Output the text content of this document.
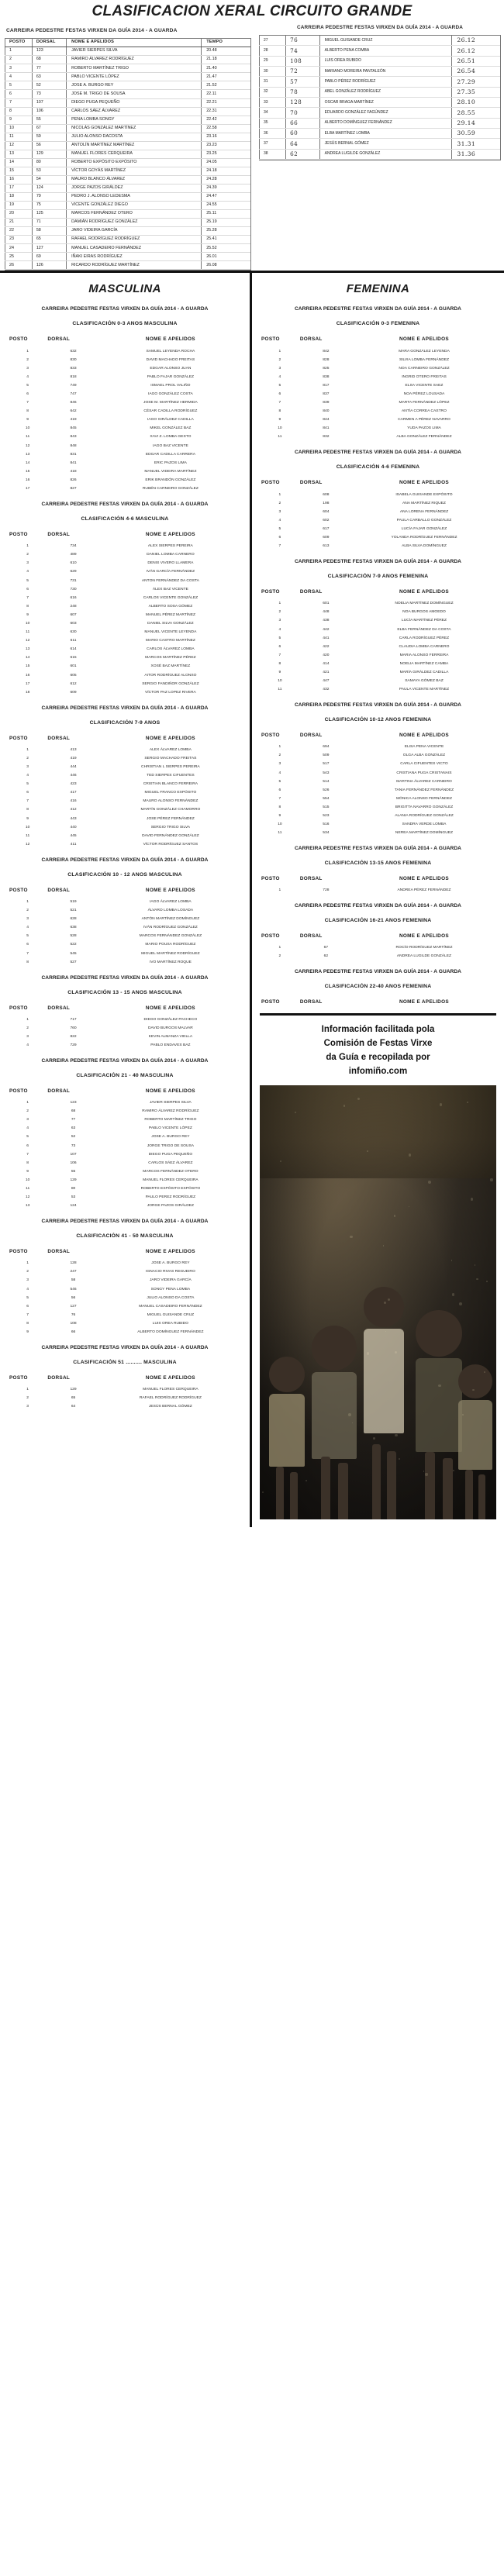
CLASIFICACION XERAL CIRCUITO GRANDE
CARREIRA PEDESTRE FESTAS VIRXEN DA GUÍA 2014 - A GUARDA
POSTO	DORSAL	NOME E APELIDOS	TEMPO
1	123	JAVIER SIERPES SILVA	20.48
2	68	RAMIRO ÁLVAREZ RODRÍGUEZ	21.18
3	77	ROBERTO MARTÍNEZ TRIGO	21.40
4	63	PABLO VICENTE LÓPEZ	21.47
5	52	JOSE A. BURGO REY	21.52
6	73	JOSE M. TRIGO DE SOUSA	22.11
7	107	DIEGO PUGA PEQUEÑO	22.21
8	106	CARLOS SÁEZ ÁLVAREZ	22.31
9	55	PENA LOMBA SONGY	22.42
10	67	NICOLÁS GONZÁLEZ MARTÍNEZ	22.58
11	59	JULIO ALONSO DACOSTA	23.16
12	56	ANTOLÍN MARTÍNEZ MARTÍNEZ	23.23
13	129	MANUEL FLORES CERQUEIRA	23.25
14	80	ROBERTO EXPÓSITO EXPÓSITO	24.05
15	53	VÍCTOR GOYÁS MARTÍNEZ	24.18
16	54	MAURO BLANCO ÁLVAREZ	24.28
17	124	JORGE PAZOS GIRÁLDEZ	24.39
18	79	PEDRO J. ALONSO LEDESMA	24.47
19	75	VICENTE GONZÁLEZ DIEGO	24.55
20	125	MARCOS FERNÁNDEZ OTERO	25.11
21	71	DAMIÁN RODRÍGUEZ GONZÁLEZ	25.19
22	58	JARO VIDEIRA GARCÍA	25.28
23	65	RAFAEL RODRÍGUEZ RODRÍGUEZ	25.41
24	127	MANUEL CASADEIRO FERNÁNDEZ	25.52
25	69	IÑAKI EIRAS RODRÍGUEZ	26.01
26	126	RICARDO RODRÍGUEZ MARTÍNEZ	26.08
CARREIRA PEDESTRE FESTAS VIRXEN DA GUÍA 2014 - A GUARDA
27	76	MIGUEL GUISANDE CRUZ	26.12
28	74	ALBERTO PENA COMBA	26.12
29	108	LUIS OREA RUBIDO	26.51
30	72	MARIANO MOREIRA PANTALEÓN	26.54
31	57	PABLO PÉREZ RODRÍGUEZ	27.29
32	78	ABEL GONZÁLEZ RODRÍGUEZ	27.35
33	128	OSCAR BRAGA MARTÍNEZ	28.10
34	70	EDUARDO GONZÁLEZ FAGÚNDEZ	28.55
35	66	ALBERTO DOMÍNGUEZ FERNÁNDEZ	29.14
36	60	ELBA MARTÍNEZ LOMBA	30.59
37	64	JESÚS BERNAL GÓMEZ	31.31
38	62	ANDREA LUGILDE GONZÁLEZ	31.36
MASCULINA
CARREIRA PEDESTRE FESTAS VIRXEN DA GUÍA 2014 - A GUARDA
CLASIFICACIÓN 0-3 ANOS MASCULINA
POSTO	DORSAL	NOME E APELIDOS
1	632	SAMUEL LEYENDA ROCHA
2	830	DAVID MACHADO FREITAS
3	833	EDGAR ALONSO JUAN
4	818	PABLO FAJAR GONZÁLEZ
5	749	ISMAEL PROL VALIÑO
6	747	IAGO GONZÁLEZ COSTA
7	846	JOSE M. MARTÍNEZ HERMIDA
8	642	CÉSAR CADILLA RODRÍGUEZ
9	419	IAGO GIRÁLDEZ CADILLA
10	845	MIKEL GONZÁLEZ BAZ
11	843	XAVI Z. LOMBA GESTO
12	848	IAGO BAZ VICENTE
13	831	EDGAR CADILLA CARRERA
14	841	ERIC PAZOS LIMA
15	418	MANUEL VIDEIRA MARTÍNEZ
16	826	ERIK BRANDÓN GONZÁLEZ
17	827	RUBÉN CARNEIRO GONZÁLEZ
CARREIRA PEDESTRE FESTAS VIRXEN DA GUÍA 2014 - A GUARDA
CLASIFICACIÓN 4-6 MASCULINA
POSTO	DORSAL	NOME E APELIDOS
1	734	ALEX SIERPES PEREIRA
2	489	DANIEL LOMBA CARNERO
3	610	DENIS VIVERO LLAMERA
4	629	IVÁN GARCÍA FERNÁNDEZ
5	731	ANTON FERNÁNDEZ DA COSTA
6	730	ÁLEX BAZ VICENTE
7	616	CARLOS VICENTE GONZÁLEZ
8	248	ALBERTO SOSA GÓMEZ
9	607	MANUEL PÉREZ MARTÍNEZ
10	603	DANIEL SILVA GONZÁLEZ
11	630	MANUEL VICENTE LEYENDA
12	611	MARIO CASTRO MARTÍNEZ
13	614	CARLOS ÁLVAREZ LOMBA
14	615	MARCOS MARTÍNEZ PÉREZ
15	601	XOSÉ BAZ MARTÍNEZ
16	605	AITOR RODRÍGUEZ ALONSO
17	612	SERGIO FANDIÑOR GONZÁLEZ
18	609	VÍCTOR PAZ LOPEZ RIVERA
CARREIRA PEDESTRE FESTAS VIRXEN DA GUÍA 2014 - A GUARDA
CLASIFICACIÓN 7-9 ANOS
POSTO	DORSAL	NOME E APELIDOS
1	413	ALEX ÁLVAREZ LOMBA
2	419	SERGIO MACHADO FREITAS
3	444	CHRISTIAN L SIERPES PEREIRA
4	446	TED SIERPES CIFUENTES
5	423	CRISTIAN BLANCO FERREIRA
6	417	MIGUEL FRANCO EXPÓSITO
7	416	MAURO ALONSO FERNÁNDEZ
8	412	MARTÍN GONZÁLEZ CHAMORRO
9	443	JOSE PÉREZ FERNÁNDEZ
10	440	SERGIO TRIGO SILVA
11	445	DAVID FERNÁNDEZ GONZÁLEZ
12	411	VÍCTOR RODRÍGUEZ SANTOS
CARREIRA PEDESTRE FESTAS VIRXEN DA GUÍA 2014 - A GUARDA
CLASIFICACIÓN 10 - 12 ANOS MASCULINA
POSTO	DORSAL	NOME E APELIDOS
1	519	IAGO ÁLVAREZ LOMBA
2	521	ÁLVARO LOMBA LOSADA
3	628	ANTÓN MARTÍNEZ DOMÍNGUEZ
4	638	IVÁN RODRÍGUEZ GONZÁLEZ
5	528	MARCOS FERNÁNDEZ GONZÁLEZ
6	522	MARIO POUSA RODRÍGUEZ
7	545	MIGUEL MARTÍNEZ RODRÍGUEZ
8	527	IVO MARTÍNEZ ROQUE
CARREIRA PEDESTRE FESTAS VIRXEN DA GUÍA 2014 - A GUARDA
CLASIFICACIÓN 13 - 15 ANOS MASCULINA
POSTO	DORSAL	NOME E APELIDOS
1	717	DIEGO GONZÁLEZ PACHECO
2	760	DAVID BURGOS MALVAR
3	822	KEVIN ALMANZA VIELLA
4	729	PABLO ENDAVES BAZ
CARREIRA PEDESTRE FESTAS VIRXEN DA GUÍA 2014 - A GUARDA
CLASIFICACIÓN 21 - 40 MASCULINA
POSTO	DORSAL	NOME E APELIDOS
1	123	JAVIER SIERPES SILVA
2	68	RAMIRO ÁLVAREZ RODRÍGUEZ
3	77	ROBERTO MARTÍNEZ TRIGO
4	63	PABLO VICENTE LÓPEZ
5	52	JOSE A. BURGO REY
6	73	JORGE TRIGO DE SOUSA
7	107	DIEGO PUGA PEQUEÑO
8	106	CARLOS SÁEZ ÁLVAREZ
9	55	MARCOS FERNÁNDEZ OTERO
10	129	MANUEL FLORES CERQUEIRA
11	80	ROBERTO EXPÓSITO EXPÓSITO
12	53	PAULO PEREZ RODRÍGUEZ
13	124	JORGE PAZOS GIRÁLDEZ
CARREIRA PEDESTRE FESTAS VIRXEN DA GUÍA 2014 - A GUARDA
CLASIFICACIÓN 41 - 50 MASCULINA
POSTO	DORSAL	NOME E APELIDOS
1	128	JOSE A. BURGO REY
2	247	IGNACIO RIVAS REGUEIRO
3	58	JARO VIDEIRA GARCÍA
4	546	SONGY PENA LOMBA
5	56	JULIO ALONSO DA COSTA
6	127	MANUEL CASADEIRO FERNÁNDEZ
7	76	MIGUEL GUISANDE CRUZ
8	108	LUIS OREA RUBIDO
9	66	ALBERTO DOMÍNGUEZ FERNÁNDEZ
CARREIRA PEDESTRE FESTAS VIRXEN DA GUÍA 2014 - A GUARDA
CLASIFICACIÓN 51 .......... MASCULINA
POSTO	DORSAL	NOME E APELIDOS
1	129	MANUEL FLORES CERQUEIRA
2	65	RAFAEL RODRÍGUEZ RODRÍGUEZ
3	64	JESÚS BERNAL GÓMEZ
FEMENINA
CARREIRA PEDESTRE FESTAS VIRXEN DA GUÍA 2014 - A GUARDA
CLASIFICACIÓN 0-3 FEMENINA
POSTO	DORSAL	NOME E APELIDOS
1	842	MARA GONZÁLEZ LEYENDA
2	828	SILVIA LOMBA FERNÁNDEZ
3	825	NOA CARNEIRO GONZÁLEZ
4	838	INGRID OTERO FREITAS
5	817	ELSA VICENTE SAEZ
6	837	NOA PÉREZ LOUSADA
7	839	MARTA FERNÁNDEZ LÓPEZ
8	840	ANTÍA CORREA CASTRO
9	844	CARMEN A PÉREZ NAVARRO
10	841	YUDA PAZOS LIMA
11	832	ALBA GONZÁLEZ FERNÁNDEZ
CARREIRA PEDESTRE FESTAS VIRXEN DA GUÍA 2014 - A GUARDA
CLASIFICACIÓN 4-6 FEMENINA
POSTO	DORSAL	NOME E APELIDOS
1	608	ISABELA GUISANDE EXPÓSITO
2	198	ANA MARTÍNEZ RIQUEZ
3	604	ANA LORENA FERNÁNDEZ
4	602	PAULA CARBALLO GONZÁLEZ
5	617	LUCÍA FAJAR GONZÁLEZ
6	609	YOLANDA RODRÍGUEZ FERNÁNDEZ
7	613	ALBA SILVA DOMÍNGUEZ
CARREIRA PEDESTRE FESTAS VIRXEN DA GUÍA 2014 - A GUARDA
CLASIFICACIÓN 7-9 ANOS FEMENINA
POSTO	DORSAL	NOME E APELIDOS
1	601	NOELIA MARTÍNEZ DOMÍNGUEZ
2	448	NOA BURGOS AMOEDO
3	438	LUCÍA MARTÍNEZ PÉREZ
4	442	ELBA FERNÁNDEZ DA COSTA
5	441	CARLA RODRÍGUEZ PÉREZ
6	422	CLAUDIA LOMBA CARNERO
7	420	MARIA ALONSO FERREIRA
8	414	NOELIA MARTÍNEZ CAMBA
9	421	MARÍA GIRÁLDEZ CADILLA
10	447	SAMAYA GÓMEZ BAZ
11	432	PAULA VICENTE MARTÍNEZ
CARREIRA PEDESTRE FESTAS VIRXEN DA GUÍA 2014 - A GUARDA
CLASIFICACIÓN 10-12 ANOS FEMENINA
POSTO	DORSAL	NOME E APELIDOS
1	694	ELISA PENA VICENTE
2	509	OLGA ALBA GONZÁLEZ
3	517	CARLA CIFUENTES VICTO
4	543	CRISTIANA PUGA CRISTANAIS
5	514	MARTINA ÁLVAREZ CARNEIRO
6	526	TANIA FERNÁNDEZ FERNÁNDEZ
7	554	MÓNICA ALONSO FERNÁNDEZ
8	515	BRIGITTA NAVARRO GONZÁLEZ
9	523	ALANIA RODRÍGUEZ GONZÁLEZ
10	516	SANDRA VERDE LOMBA
11	534	NEREA MARTÍNEZ DOMÍNGUEZ
CARREIRA PEDESTRE FESTAS VIRXEN DA GUÍA 2014 - A GUARDA
CLASIFICACIÓN 13-15 ANOS FEMENINA
POSTO	DORSAL	NOME E APELIDOS
1	728	ANDREA PÉREZ FERNÁNDEZ
CARREIRA PEDESTRE FESTAS VIRXEN DA GUÍA 2014 - A GUARDA
CLASIFICACIÓN 16-21 ANOS FEMENINA
POSTO	DORSAL	NOME E APELIDOS
1	67	ROCÍO RODRÍGUEZ MARTÍNEZ
2	62	ANDREA LUGILDE GONZÁLEZ
CARREIRA PEDESTRE FESTAS VIRXEN DA GUÍA 2014 - A GUARDA
CLASIFICACIÓN 22-40 ANOS FEMENINA
POSTO	DORSAL	NOME E APELIDOS
Información facilitada pola
Comisión de Festas Virxe
da Guía e recopilada por
infomiño.com
